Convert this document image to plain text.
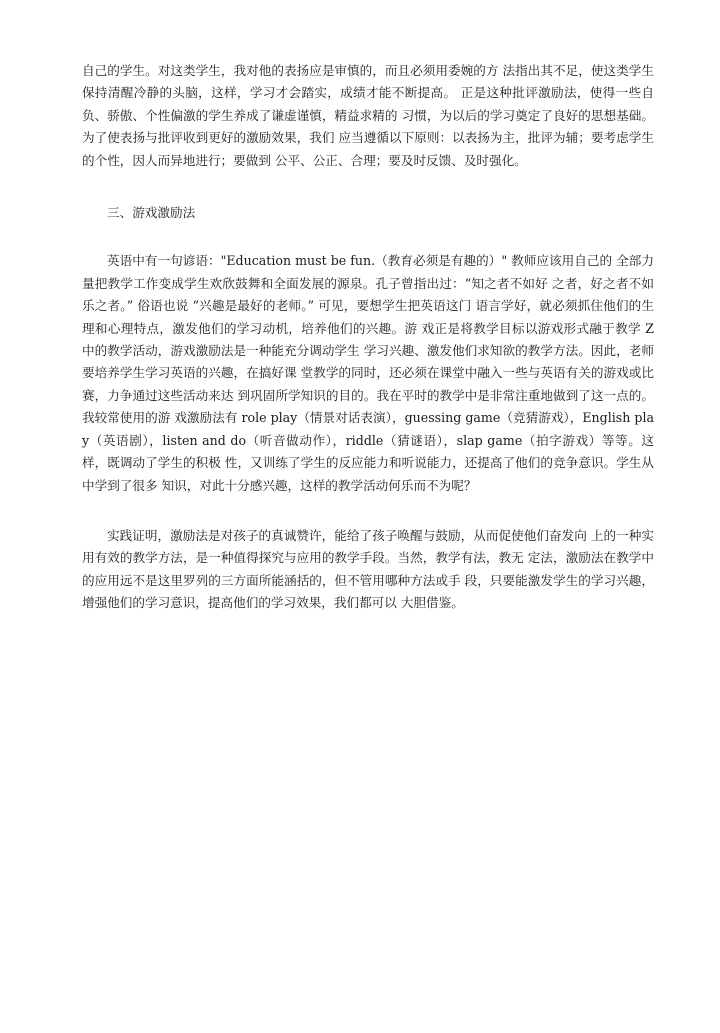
自己的学生。对这类学生，我对他的表扬应是审慎的，而且必须用委婉的方 法指出其不足，使这类学生保持清醒冷静的头脑，这样，学习才会踏实，成绩才能不断提高。 正是这种批评激励法，使得一些自负、骄傲、个性偏激的学生养成了谦虚谨慎，精益求精的 习惯，为以后的学习奠定了良好的思想基础。为了使表扬与批评收到更好的激励效果，我们 应当遵循以下原则：以表扬为主，批评为辅；要考虑学生的个性，因人而异地进行；要做到 公平、公正、合理；要及时反馈、及时强化。

三、游戏激励法

英语中有一句谚语："Education must be fun.（教育必须是有趣的）" 教师应该用自己的 全部力量把教学工作变成学生欢欣鼓舞和全面发展的源泉。孔子曾指出过：“知之者不如好 之者，好之者不如乐之者。” 俗语也说 “兴趣是最好的老师。” 可见，要想学生把英语这门 语言学好，就必须抓住他们的生理和心理特点，激发他们的学习动机，培养他们的兴趣。游 戏正是将教学目标以游戏形式融于教学 Z 中的教学活动，游戏激励法是一种能充分调动学生 学习兴趣、激发他们求知欲的教学方法。因此，老师要培养学生学习英语的兴趣，在搞好课 堂教学的同时，还必须在课堂中融入一些与英语有关的游戏或比赛，力争通过这些活动来达 到巩固所学知识的目的。我在平时的教学中是非常注重地做到了这一点的。我较常使用的游 戏激励法有 role play（情景对话表演），guessing game（竞猜游戏），English play（英语剧），listen and do（听音做动作），riddle（猜谜语），slap game（拍字游戏）等等。这样，既调动了学生的积极 性，又训练了学生的反应能力和听说能力，还提高了他们的竞争意识。学生从中学到了很多 知识，对此十分感兴趣，这样的教学活动何乐而不为呢？

实践证明，激励法是对孩子的真诚赞许，能给了孩子唤醒与鼓励，从而促使他们奋发向 上的一种实用有效的教学方法，是一种值得探究与应用的教学手段。当然，教学有法，教无 定法，激励法在教学中的应用远不是这里罗列的三方面所能涵括的，但不管用哪种方法或手 段，只要能激发学生的学习兴趣，增强他们的学习意识，提高他们的学习效果，我们都可以 大胆借鉴。
